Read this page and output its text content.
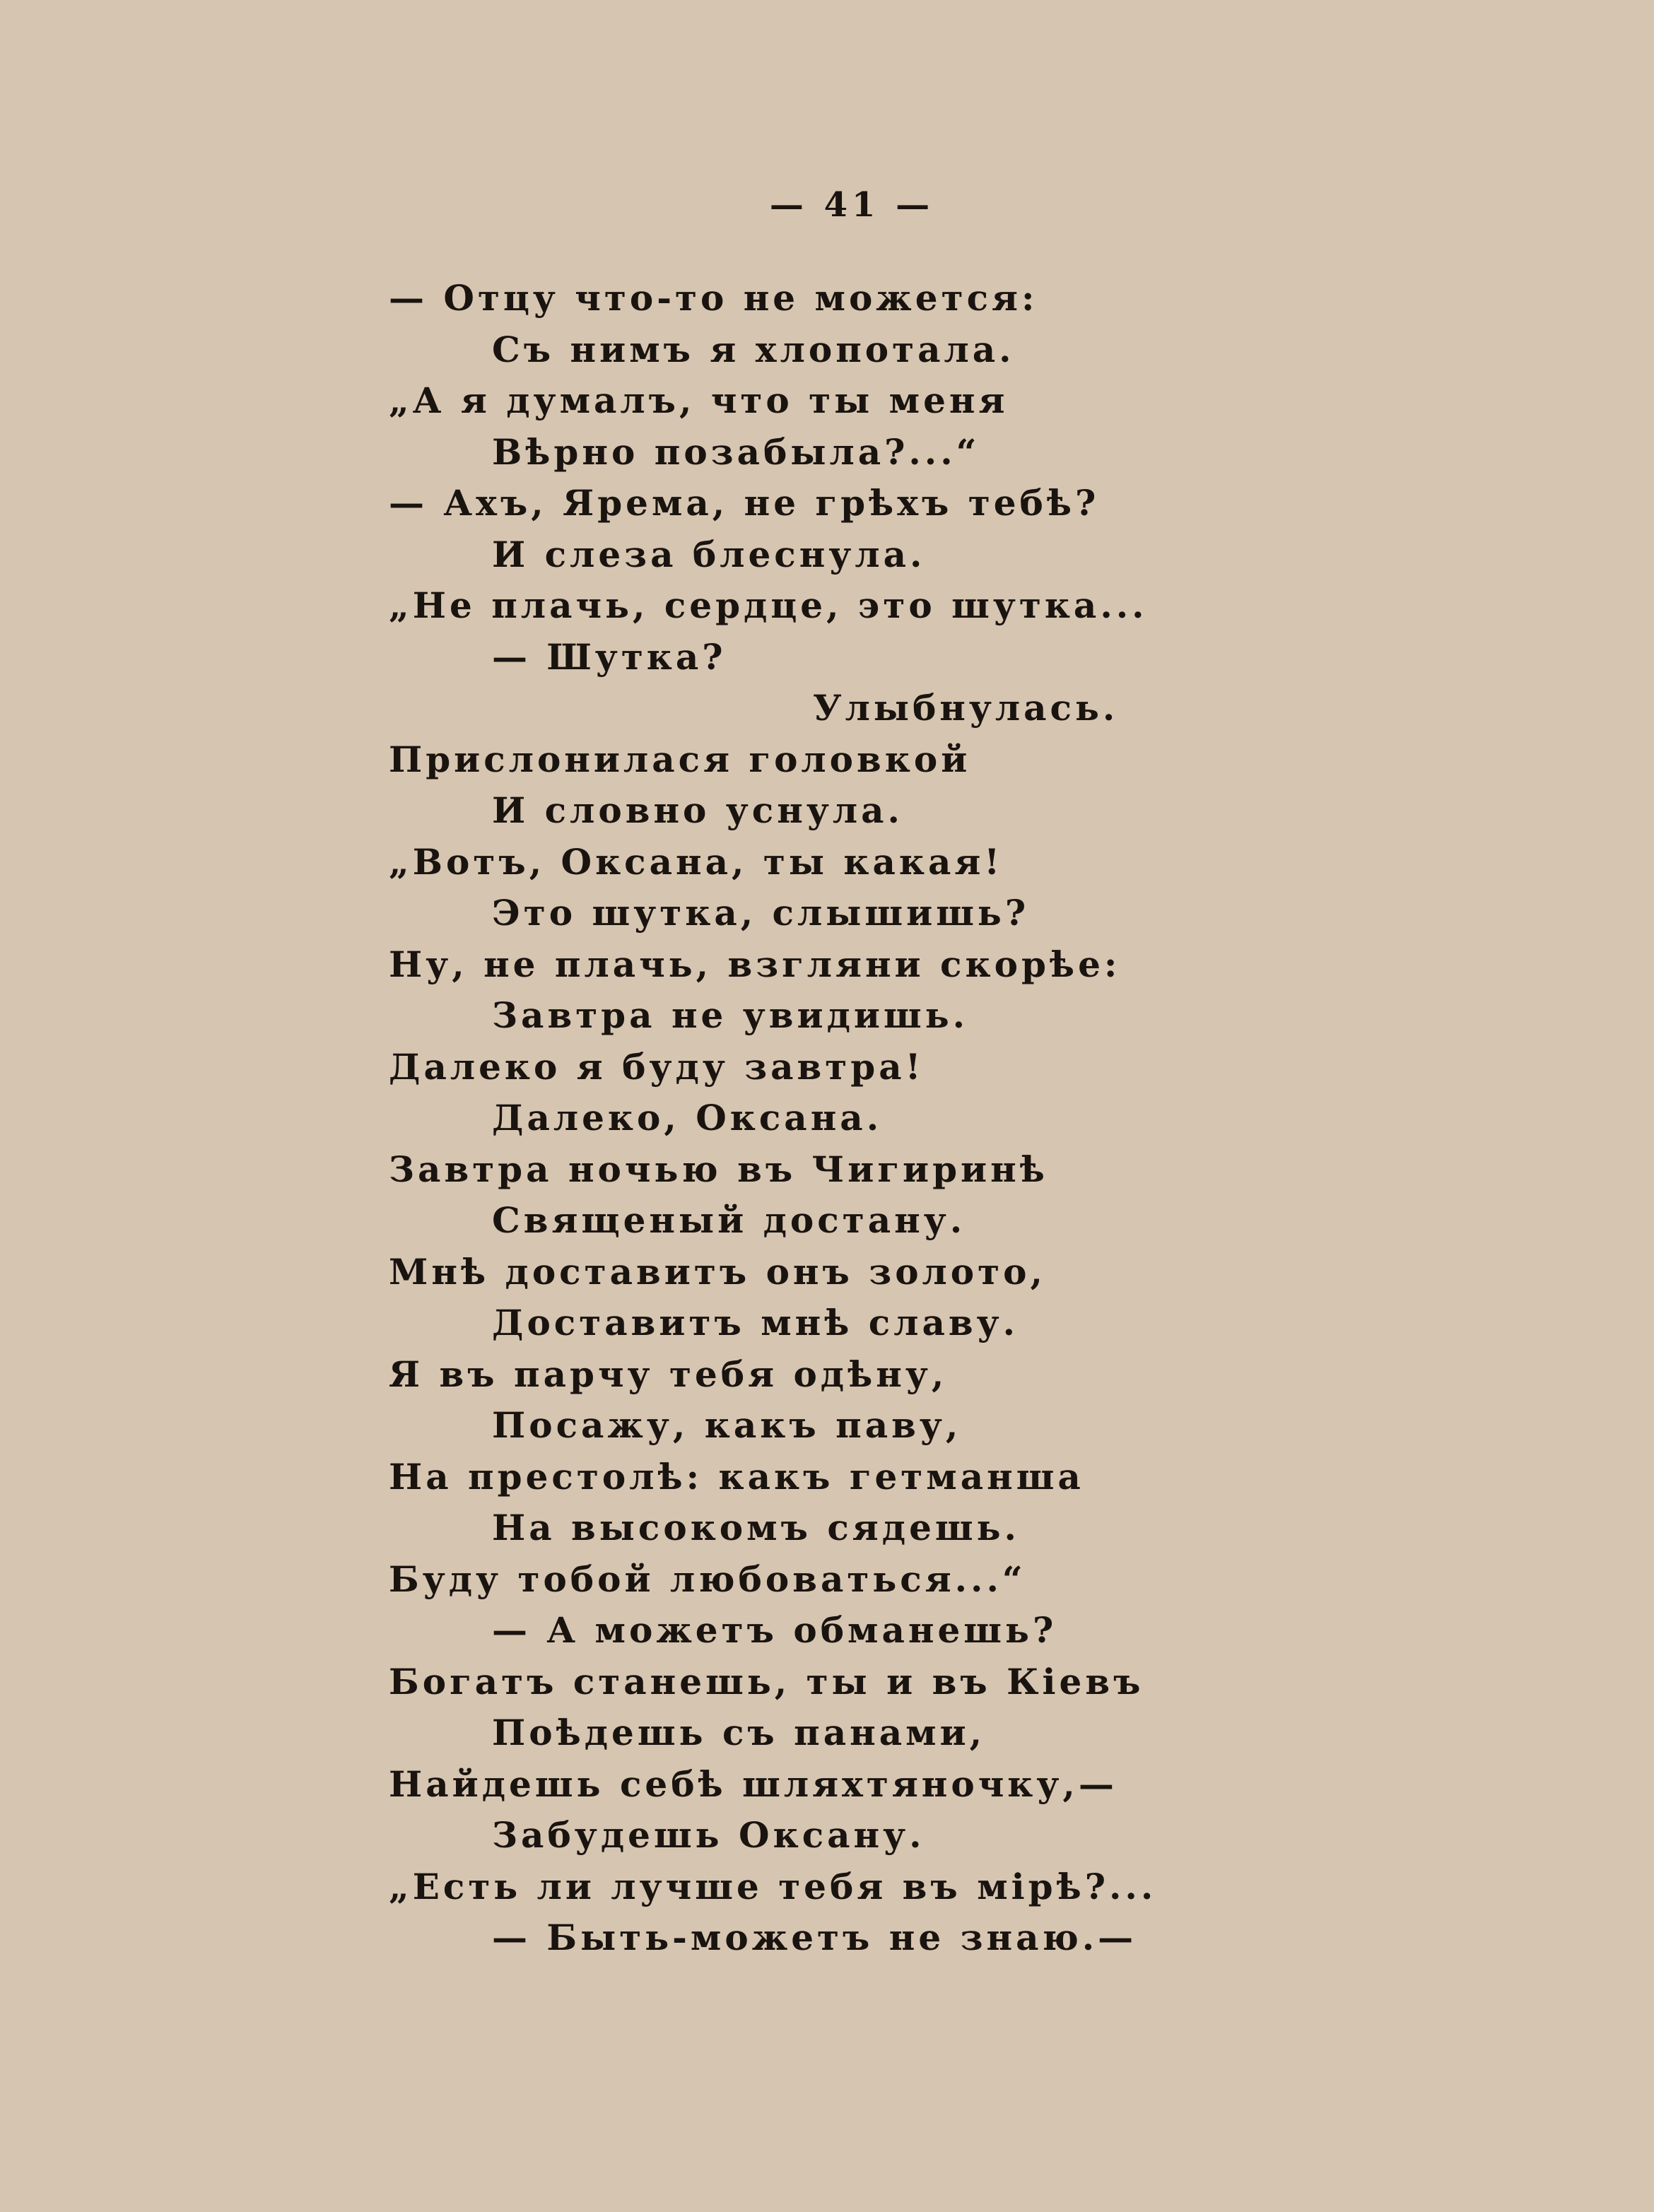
— 41 —
— Отцу что-то не можется:
Съ нимъ я хлопотала.
„А я думалъ, что ты меня
Вѣрно позабыла?...“
— Ахъ, Ярема, не грѣхъ тебѣ?
И слеза блеснула.
„Не плачь, сердце, это шутка...
— Шутка?
Улыбнулась.
Прислонилася головкой
И словно уснула.
„Вотъ, Оксана, ты какая!
Это шутка, слышишь?
Ну, не плачь, взгляни скорѣе:
Завтра не увидишь.
Далеко я буду завтра!
Далеко, Оксана.
Завтра ночью въ Чигиринѣ
Священый достану.
Мнѣ доставитъ онъ золото,
Доставитъ мнѣ славу.
Я въ парчу тебя одѣну,
Посажу, какъ паву,
На престолѣ: какъ гетманша
На высокомъ сядешь.
Буду тобой любоваться...“
— А можетъ обманешь?
Богатъ станешь, ты и въ Кіевъ
Поѣдешь съ панами,
Найдешь себѣ шляхтяночку,—
Забудешь Оксану.
„Есть ли лучше тебя въ мірѣ?...
— Быть-можетъ не знаю.—
